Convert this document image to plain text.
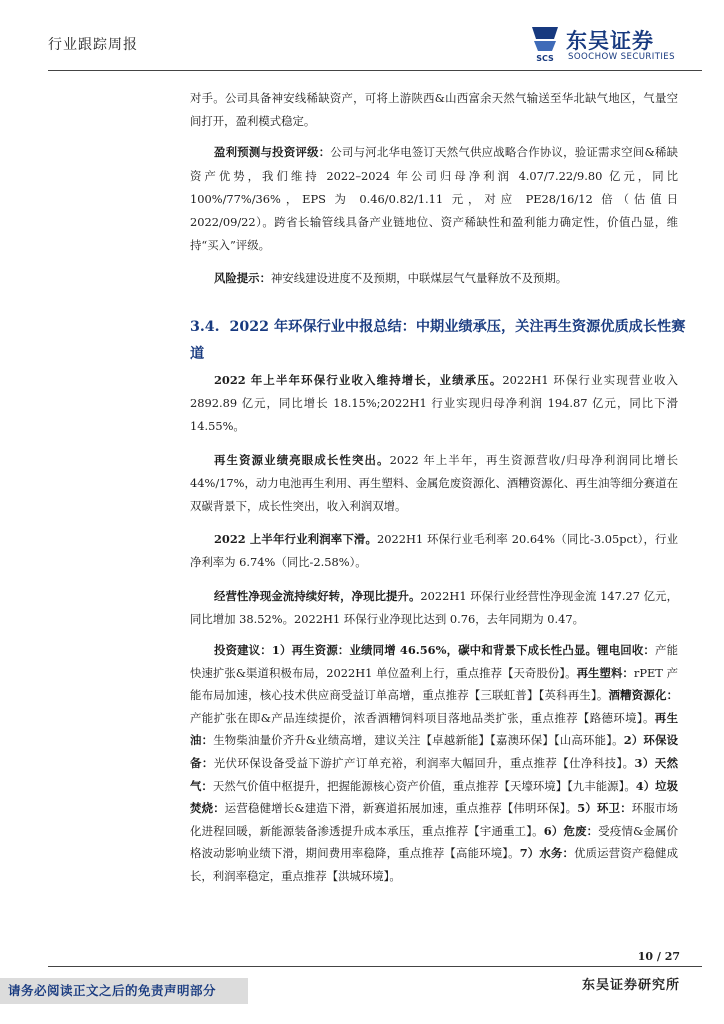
行业跟踪周报
SCS
东吴证券
SOOCHOW SECURITIES

对手。公司具备神安线稀缺资产，可将上游陕西&山西富余天然气输送至华北缺气地区，气量空间打开，盈利模式稳定。

盈利预测与投资评级：公司与河北华电签订天然气供应战略合作协议，验证需求空间&稀缺资产优势，我们维持 2022–2024 年公司归母净利润 4.07/7.22/9.80 亿元，同比 100%/77%/36%，EPS 为 0.46/0.82/1.11 元，对应 PE28/16/12 倍（估值日 2022/09/22）。跨省长输管线具备产业链地位、资产稀缺性和盈利能力确定性，价值凸显，维持“买入”评级。

风险提示：神安线建设进度不及预期，中联煤层气气量释放不及预期。

3.4. 2022 年环保行业中报总结：中期业绩承压，关注再生资源优质成长性赛道

2022 年上半年环保行业收入维持增长，业绩承压。2022H1 环保行业实现营业收入 2892.89 亿元，同比增长 18.15%;2022H1 行业实现归母净利润 194.87 亿元，同比下滑 14.55%。

再生资源业绩亮眼成长性突出。2022 年上半年，再生资源营收/归母净利润同比增长 44%/17%，动力电池再生利用、再生塑料、金属危废资源化、酒糟资源化、再生油等细分赛道在双碳背景下，成长性突出，收入利润双增。

2022 上半年行业利润率下滑。2022H1 环保行业毛利率 20.64%（同比-3.05pct），行业净利率为 6.74%（同比-2.58%）。

经营性净现金流持续好转，净现比提升。2022H1 环保行业经营性净现金流 147.27 亿元，同比增加 38.52%。2022H1 环保行业净现比达到 0.76，去年同期为 0.47。

投资建议：1）再生资源：业绩同增 46.56%，碳中和背景下成长性凸显。锂电回收：产能快速扩张&渠道积极布局，2022H1 单位盈利上行，重点推荐【天奇股份】。再生塑料：rPET 产能布局加速，核心技术供应商受益订单高增，重点推荐【三联虹普】【英科再生】。酒糟资源化：产能扩张在即&产品连续提价，浓香酒糟饲料项目落地品类扩张，重点推荐【路德环境】。再生油：生物柴油量价齐升&业绩高增，建议关注【卓越新能】【嘉澳环保】【山高环能】。2）环保设备：光伏环保设备受益下游扩产订单充裕，利润率大幅回升，重点推荐【仕净科技】。3）天然气：天然气价值中枢提升，把握能源核心资产价值，重点推荐【天壕环境】【九丰能源】。4）垃圾焚烧：运营稳健增长&建造下滑，新赛道拓展加速，重点推荐【伟明环保】。5）环卫：环服市场化进程回暖，新能源装备渗透提升成本承压，重点推荐【宇通重工】。6）危废：受疫情&金属价格波动影响业绩下滑，期间费用率稳降，重点推荐【高能环境】。7）水务：优质运营资产稳健成长，利润率稳定，重点推荐【洪城环境】。

10 / 27
东吴证券研究所
请务必阅读正文之后的免责声明部分
